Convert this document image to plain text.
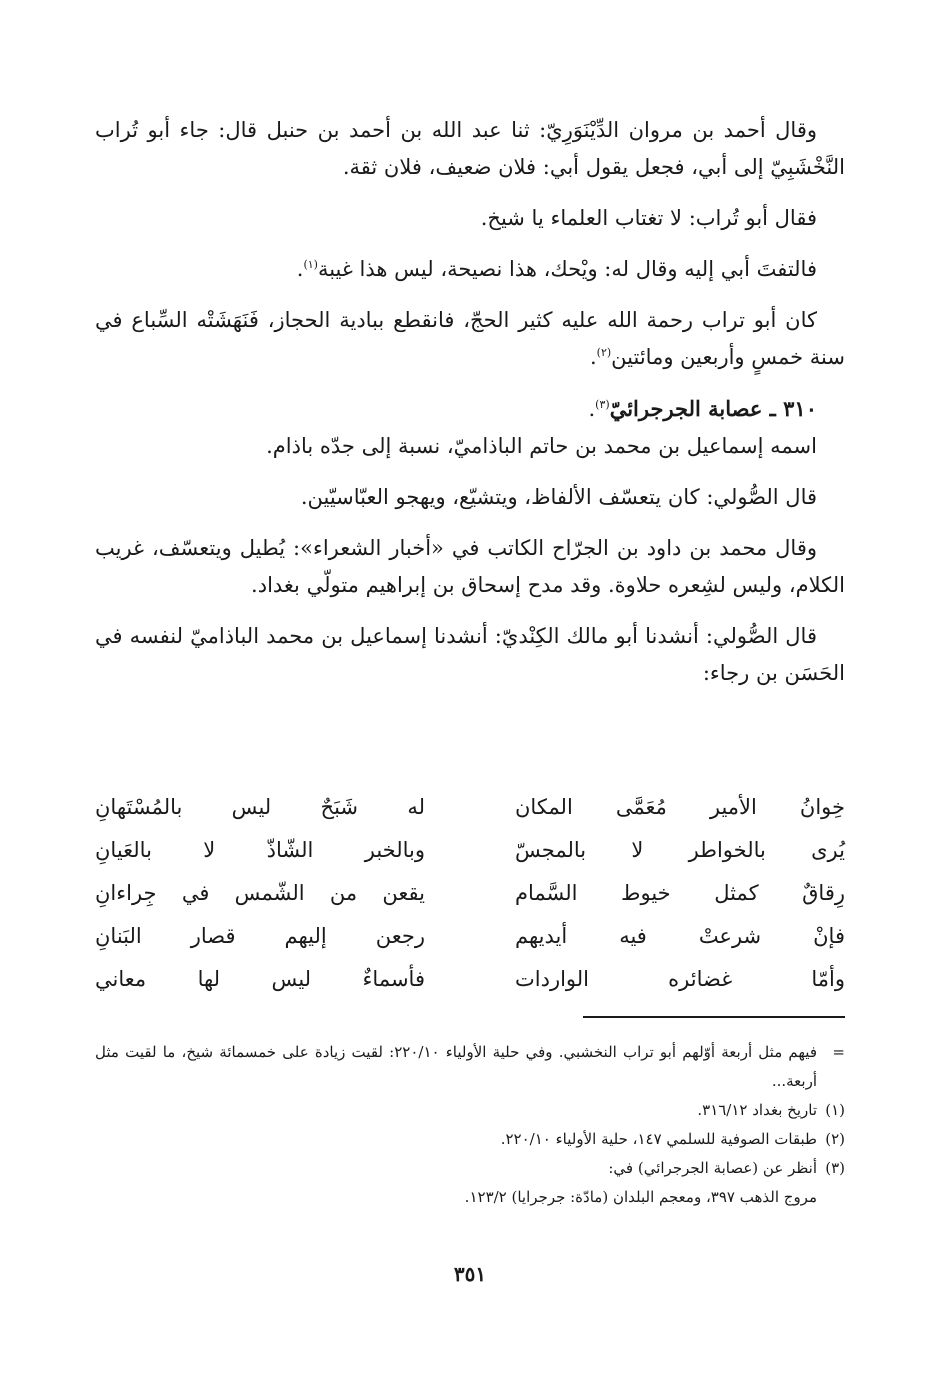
وقال أحمد بن مروان الدِّيْنَوَرِيّ: ثنا عبد الله بن أحمد بن حنبل قال: جاء أبو تُراب النَّخْشَبِيّ إلى أبي، فجعل يقول أبي: فلان ضعيف، فلان ثقة.

فقال أبو تُراب: لا تغتاب العلماء يا شيخ.

فالتفتَ أبي إليه وقال له: ويْحك، هذا نصيحة، ليس هذا غيبة$^{(١)}$.

كان أبو تراب رحمة الله عليه كثير الحجّ، فانقطع ببادية الحجاز، فَنَهَشَتْه السِّباع في سنة خمسٍ وأربعين ومائتين$^{(٢)}$.

٣١٠ ـ عصابة الجرجرائيّ$^{(٣)}$.

اسمه إسماعيل بن محمد بن حاتم الباذاميّ، نسبة إلى جدّه باذام.

قال الصُّولي: كان يتعسّف الألفاظ، ويتشيّع، ويهجو العبّاسيّين.

وقال محمد بن داود بن الجرّاح الكاتب في «أخبار الشعراء»: يُطيل ويتعسّف، غريب الكلام، وليس لشِعره حلاوة. وقد مدح إسحاق بن إبراهيم متولّي بغداد.

قال الصُّولي: أنشدنا أبو مالك الكِنْديّ: أنشدنا إسماعيل بن محمد الباذاميّ لنفسه في الحَسَن بن رجاء:

خِوانُ الأمير مُعَمَّى المكان
له شَبَحٌ ليس بالمُسْتَهانِ
يُرى بالخواطر لا بالمجسّ
وبالخبر الشّاذّ لا بالعَيانِ
رِقاقٌ كمثل خيوط السَّمام
يقعن من الشّمس في جِراءانِ
فإنْ شرعتْ فيه أيديهم
رجعن إليهم قصار البَنانِ
وأمّا غضائره الواردات
فأسماءٌ ليس لها معاني
=
فيهم مثل أربعة أوّلهم أبو تراب النخشبي. وفي حلية الأولياء ٢٢٠/١٠: لقيت زيادة على خمسمائة شيخ، ما لقيت مثل أربعة...
(١)
تاريخ بغداد ٣١٦/١٢.
(٢)
طبقات الصوفية للسلمي ١٤٧، حلية الأولياء ٢٢٠/١٠.
(٣)
أنظر عن (عصابة الجرجرائي) في:

مروج الذهب ٣٩٧، ومعجم البلدان (مادّة: جرجرايا) ١٢٣/٢.

٣٥١
